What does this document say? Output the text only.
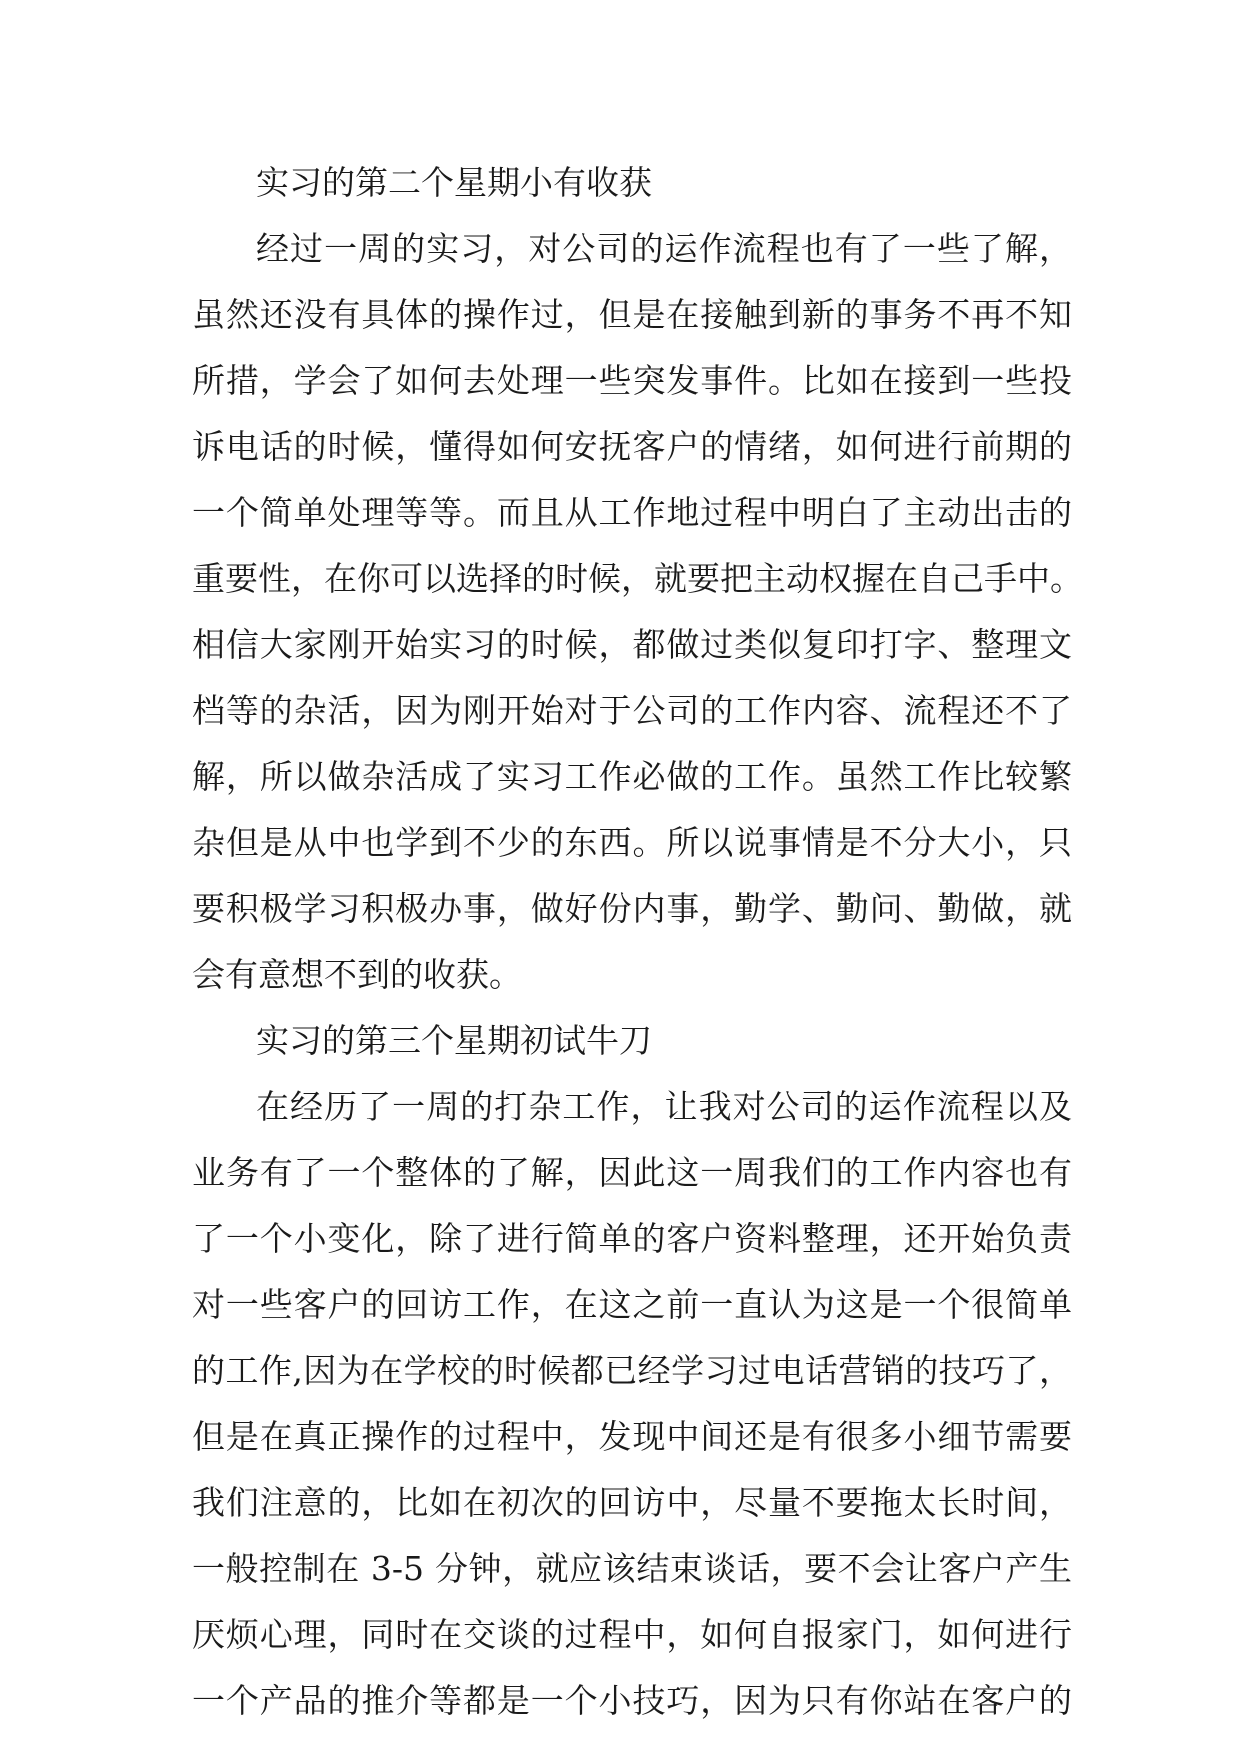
实习的第二个星期小有收获
经过一周的实习，对公司的运作流程也有了一些了解，
虽然还没有具体的操作过，但是在接触到新的事务不再不知
所措，学会了如何去处理一些突发事件。比如在接到一些投
诉电话的时候，懂得如何安抚客户的情绪，如何进行前期的
一个简单处理等等。而且从工作地过程中明白了主动出击的
重要性，在你可以选择的时候，就要把主动权握在自己手中。
相信大家刚开始实习的时候，都做过类似复印打字、整理文
档等的杂活，因为刚开始对于公司的工作内容、流程还不了
解，所以做杂活成了实习工作必做的工作。虽然工作比较繁
杂但是从中也学到不少的东西。所以说事情是不分大小，只
要积极学习积极办事，做好份内事，勤学、勤问、勤做，就
会有意想不到的收获。
实习的第三个星期初试牛刀
在经历了一周的打杂工作，让我对公司的运作流程以及
业务有了一个整体的了解，因此这一周我们的工作内容也有
了一个小变化，除了进行简单的客户资料整理，还开始负责
对一些客户的回访工作，在这之前一直认为这是一个很简单
的工作,因为在学校的时候都已经学习过电话营销的技巧了，
但是在真正操作的过程中，发现中间还是有很多小细节需要
我们注意的，比如在初次的回访中，尽量不要拖太长时间，
一般控制在 3-5 分钟，就应该结束谈话，要不会让客户产生
厌烦心理，同时在交谈的过程中，如何自报家门，如何进行
一个产品的推介等都是一个小技巧，因为只有你站在客户的
